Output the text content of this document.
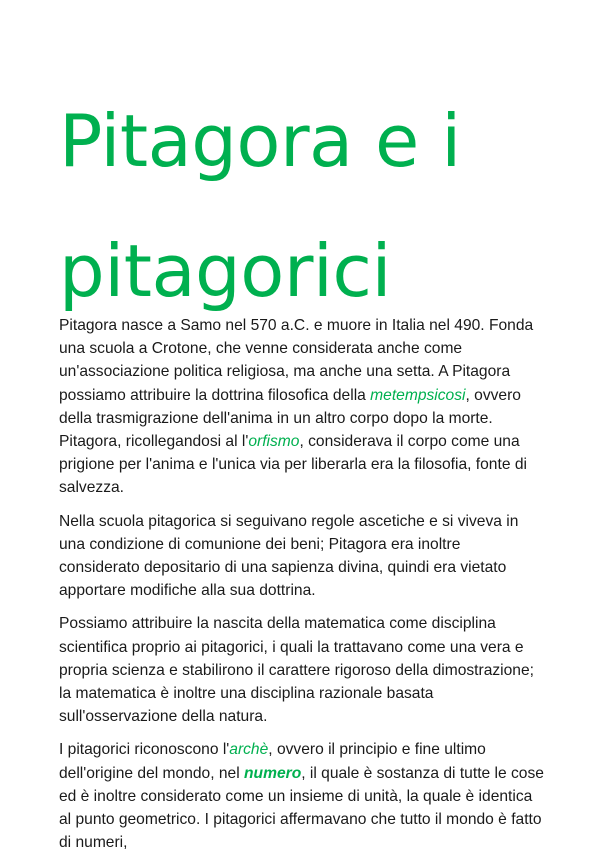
Pitagora e i
pitagorici

Pitagora nasce a Samo nel 570 a.C. e muore in Italia nel 490. Fonda una scuola a Crotone, che venne considerata anche come un'associazione politica religiosa, ma anche una setta. A Pitagora possiamo attribuire la dottrina filosofica della metempsicosi, ovvero della trasmigrazione dell'anima in un altro corpo dopo la morte. Pitagora, ricollegandosi al l'orfismo, considerava il corpo come una prigione per l'anima e l'unica via per liberarla era la filosofia, fonte di salvezza.

Nella scuola pitagorica si seguivano regole ascetiche e si viveva in una condizione di comunione dei beni; Pitagora era inoltre considerato depositario di una sapienza divina, quindi era vietato apportare modifiche alla sua dottrina.

Possiamo attribuire la nascita della matematica come disciplina scientifica proprio ai pitagorici, i quali la trattavano come una vera e propria scienza e stabilirono il carattere rigoroso della dimostrazione; la matematica è inoltre una disciplina razionale basata sull'osservazione della natura.

I pitagorici riconoscono l'archè, ovvero il principio e fine ultimo dell'origine del mondo, nel numero, il quale è sostanza di tutte le cose ed è inoltre considerato come un insieme di unità, la quale è identica al punto geometrico. I pitagorici affermavano che tutto il mondo è fatto di numeri,
